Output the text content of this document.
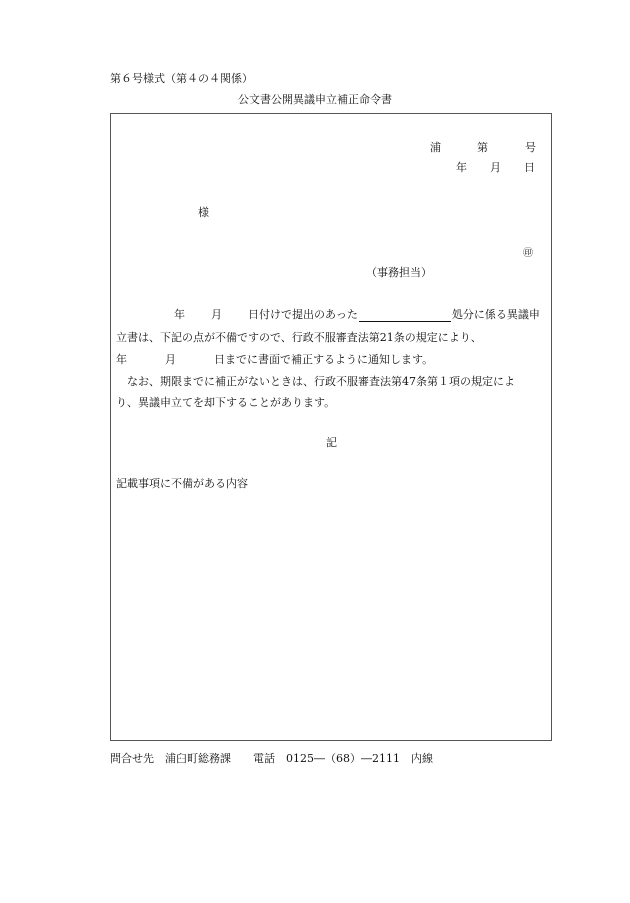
第６号様式（第４の４関係）
公文書公開異議申立補正命令書
浦	第	号
年 月 日
様
㊞
（事務担当）
年 月 日付けで提出のあった	処分に係る異議申
立書は、下記の点が不備ですので、行政不服審査法第21条の規定により、
年	月	日までに書面で補正するように通知します。
なお、期限までに補正がないときは、行政不服審査法第47条第１項の規定によ
り、異議申立てを却下することがあります。
記
記載事項に不備がある内容
問合せ先　浦臼町総務課　　電話　0125―（68）―2111　内線
